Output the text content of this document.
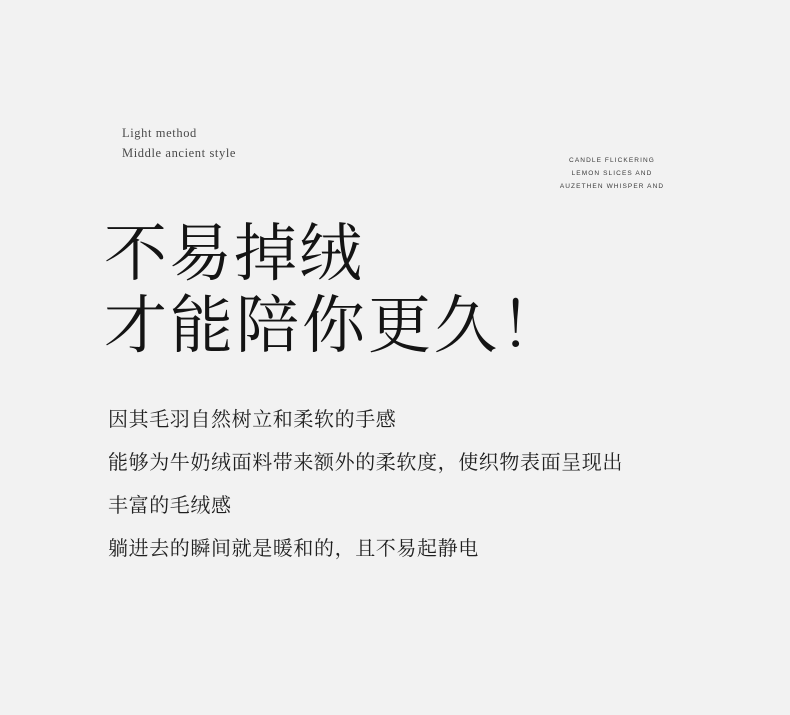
Light method
Middle ancient style
CANDLE FLICKERING
LEMON SLICES AND
AUZETHEN WHISPER AND
不易掉绒
才能陪你更久！
因其毛羽自然树立和柔软的手感
能够为牛奶绒面料带来额外的柔软度，使织物表面呈现出
丰富的毛绒感
躺进去的瞬间就是暖和的，且不易起静电
